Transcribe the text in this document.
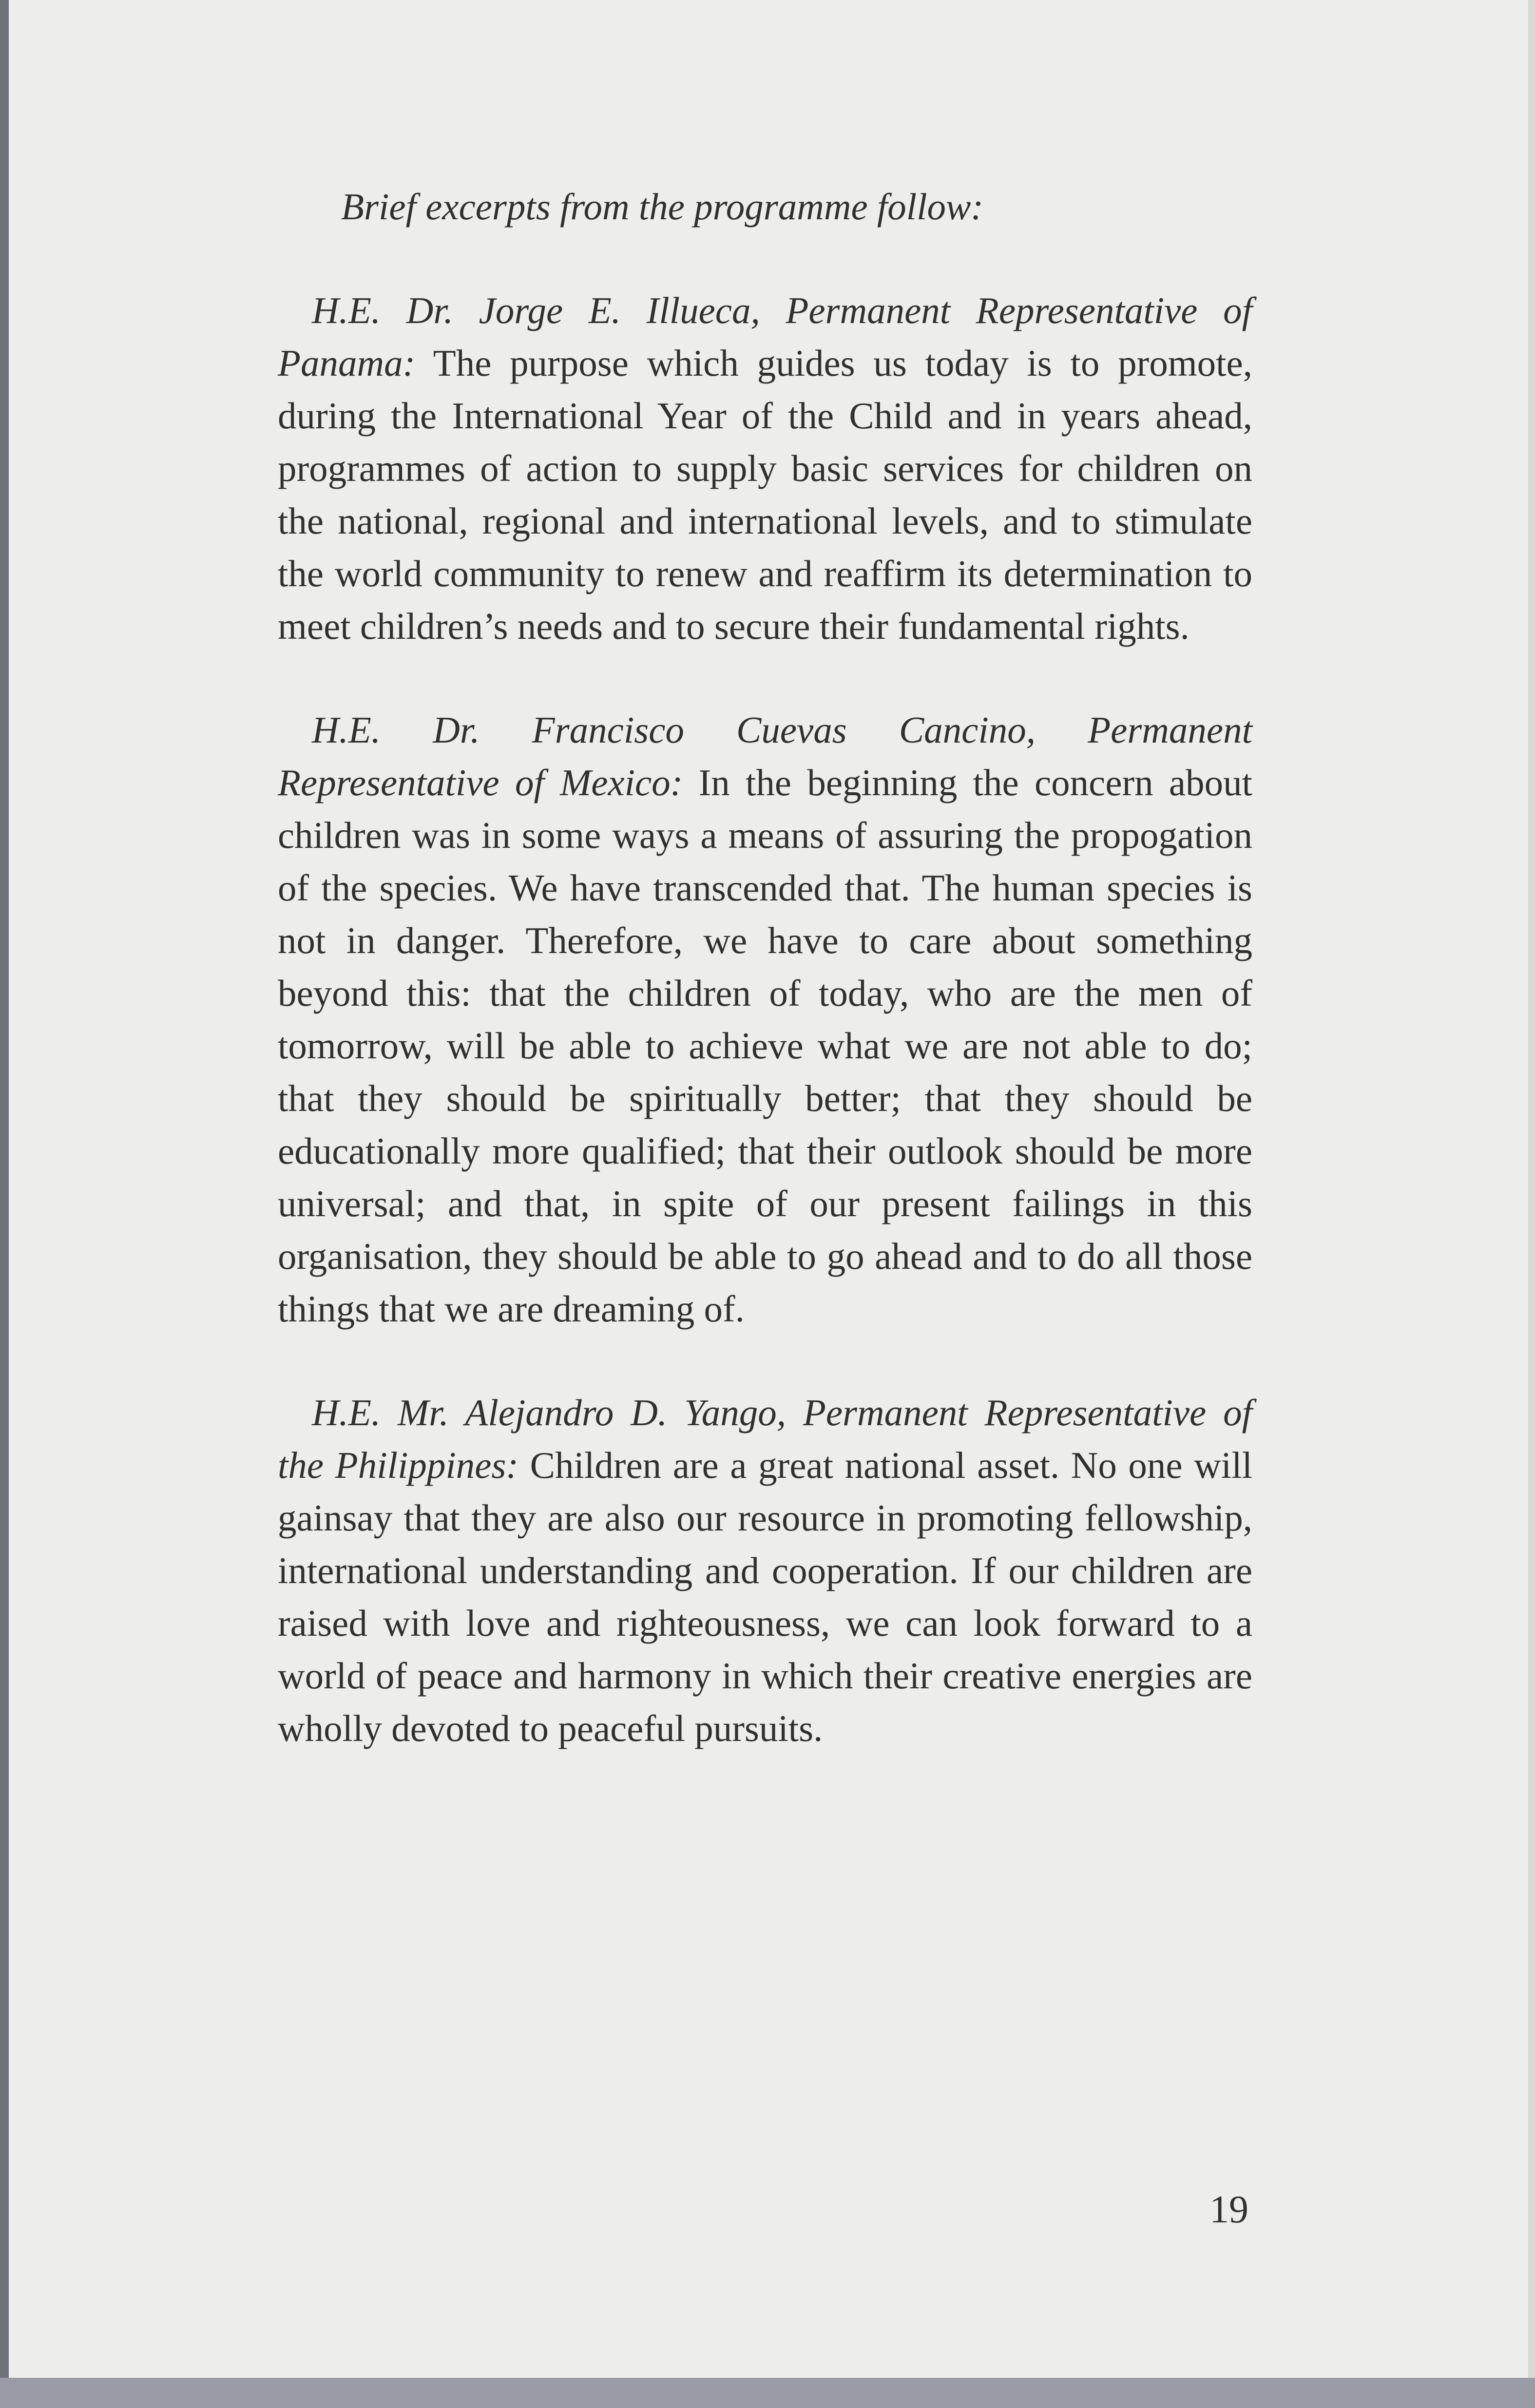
Brief excerpts from the programme follow:

H.E. Dr. Jorge E. Illueca, Permanent Representative of Panama: The purpose which guides us today is to promote, during the International Year of the Child and in years ahead, programmes of action to supply basic services for children on the national, regional and international levels, and to stimulate the world community to renew and reaffirm its determination to meet children’s needs and to secure their fundamental rights.

H.E. Dr. Francisco Cuevas Cancino, Permanent Representative of Mexico: In the beginning the concern about children was in some ways a means of assuring the propogation of the species. We have transcended that. The human species is not in danger. Therefore, we have to care about something beyond this: that the children of today, who are the men of tomorrow, will be able to achieve what we are not able to do; that they should be spiritually better; that they should be educationally more qualified; that their outlook should be more universal; and that, in spite of our present failings in this organisation, they should be able to go ahead and to do all those things that we are dreaming of.

H.E. Mr. Alejandro D. Yango, Permanent Representative of the Philippines: Children are a great national asset. No one will gainsay that they are also our resource in promoting fellowship, international understanding and cooperation. If our children are raised with love and righteousness, we can look forward to a world of peace and harmony in which their creative energies are wholly devoted to peaceful pursuits.

19
